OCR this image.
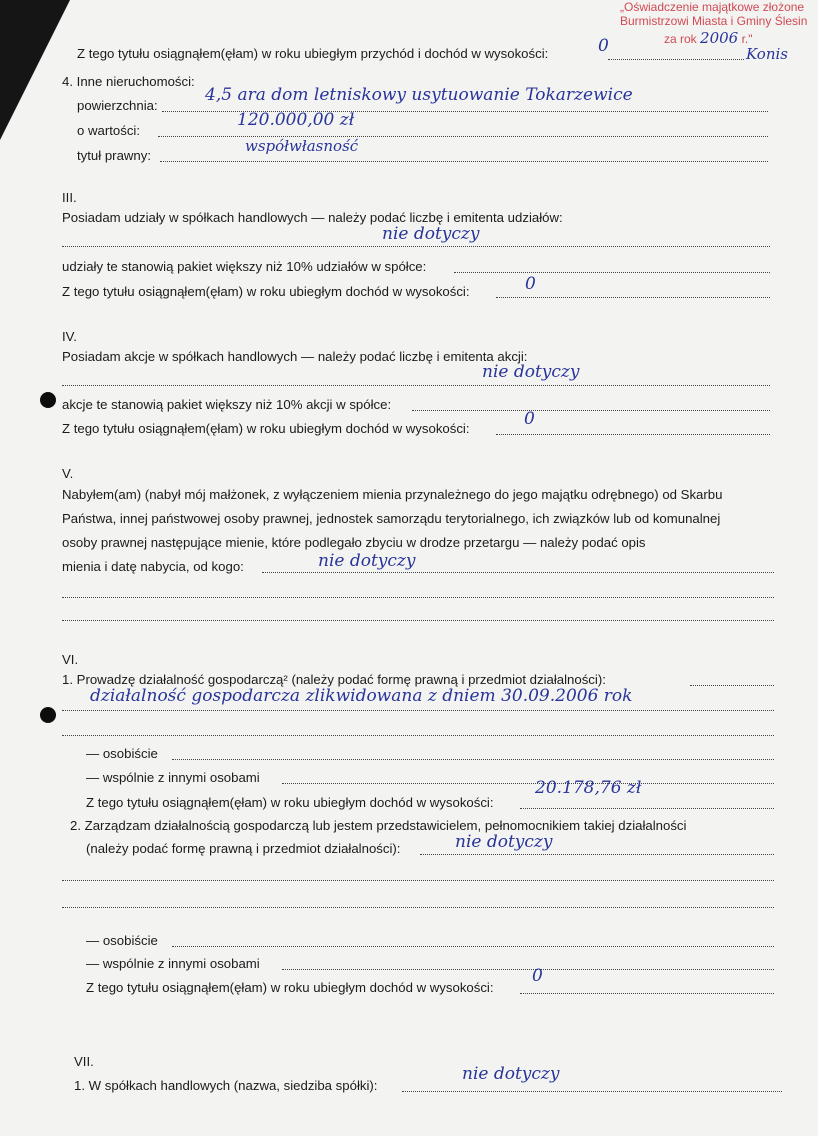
„Oświadczenie majątkowe złożone
Burmistrzowi Miasta i Gminy Ślesin
za rok 2006 r."
Z tego tytułu osiągnąłem(ęłam) w roku ubiegłym przychód i dochód w wysokości:	0	Konis
4. Inne nieruchomości:
powierzchnia:
4,5 ara dom letniskowy usytuowanie Tokarzewice
o wartości:
120.000,00 zł
tytuł prawny:
współwłasność
III.
Posiadam udziały w spółkach handlowych — należy podać liczbę i emitenta udziałów:
nie dotyczy
udziały te stanowią pakiet większy niż 10% udziałów w spółce:
Z tego tytułu osiągnąłem(ęłam) w roku ubiegłym dochód w wysokości:	0
IV.
Posiadam akcje w spółkach handlowych — należy podać liczbę i emitenta akcji:
nie dotyczy
akcje te stanowią pakiet większy niż 10% akcji w spółce:
Z tego tytułu osiągnąłem(ęłam) w roku ubiegłym dochód w wysokości:	0
V.
Nabyłem(am) (nabył mój małżonek, z wyłączeniem mienia przynależnego do jego majątku odrębnego) od Skarbu
Państwa, innej państwowej osoby prawnej, jednostek samorządu terytorialnego, ich związków lub od komunalnej
osoby prawnej następujące mienie, które podlegało zbyciu w drodze przetargu — należy podać opis
mienia i datę nabycia, od kogo:	nie dotyczy
VI.
1. Prowadzę działalność gospodarczą² (należy podać formę prawną i przedmiot działalności):
działalność gospodarcza zlikwidowana z dniem 30.09.2006 rok
— osobiście
— wspólnie z innymi osobami
Z tego tytułu osiągnąłem(ęłam) w roku ubiegłym dochód w wysokości:
20.178,76 zł
2. Zarządzam działalnością gospodarczą lub jestem przedstawicielem, pełnomocnikiem takiej działalności
(należy podać formę prawną i przedmiot działalności):	nie dotyczy
— osobiście
— wspólnie z innymi osobami
Z tego tytułu osiągnąłem(ęłam) w roku ubiegłym dochód w wysokości:
0
VII.
1. W spółkach handlowych (nazwa, siedziba spółki):
nie dotyczy
